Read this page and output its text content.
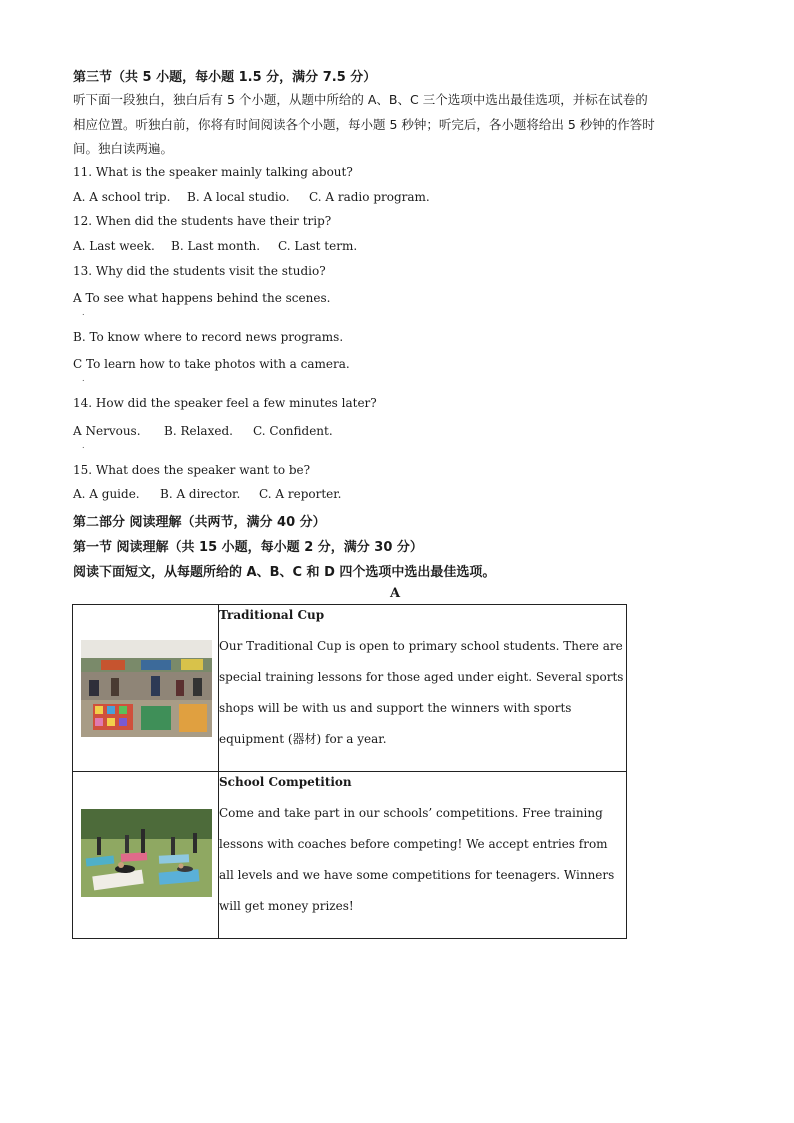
第三节（共 5 小题，每小题 1.5 分，满分 7.5 分）
听下面一段独白，独白后有 5 个小题，从题中所给的 A、B、C 三个选项中选出最佳选项，并标在试卷的
相应位置。听独白前，你将有时间阅读各个小题，每小题 5 秒钟；听完后，各小题将给出 5 秒钟的作答时
间。独白读两遍。
11. What is the speaker mainly talking about?
A. A school trip. B. A local studio. C. A radio program.
12. When did the students have their trip?
A. Last week. B. Last month. C. Last term.
13. Why did the students visit the studio?
A To see what happens behind the scenes.
.
B. To know where to record news programs.
C To learn how to take photos with a camera.
.
14. How did the speaker feel a few minutes later?
A Nervous. B. Relaxed. C. Confident.
.
15. What does the speaker want to be?
A. A guide. B. A director. C. A reporter.
第二部分 阅读理解（共两节，满分 40 分）
第一节 阅读理解（共 15 小题，每小题 2 分，满分 30 分）
阅读下面短文，从每题所给的 A、B、C 和 D 四个选项中选出最佳选项。
A

Traditional Cup
Our Traditional Cup is open to primary school students. There are special training lessons for those aged under eight. Several sports shops will be with us and support the winners with sports equipment (器材) for a year.

School Competition
Come and take part in our schools’ competitions. Free training lessons with coaches before competing! We accept entries from all levels and we have some competitions for teenagers. Winners will get money prizes!
